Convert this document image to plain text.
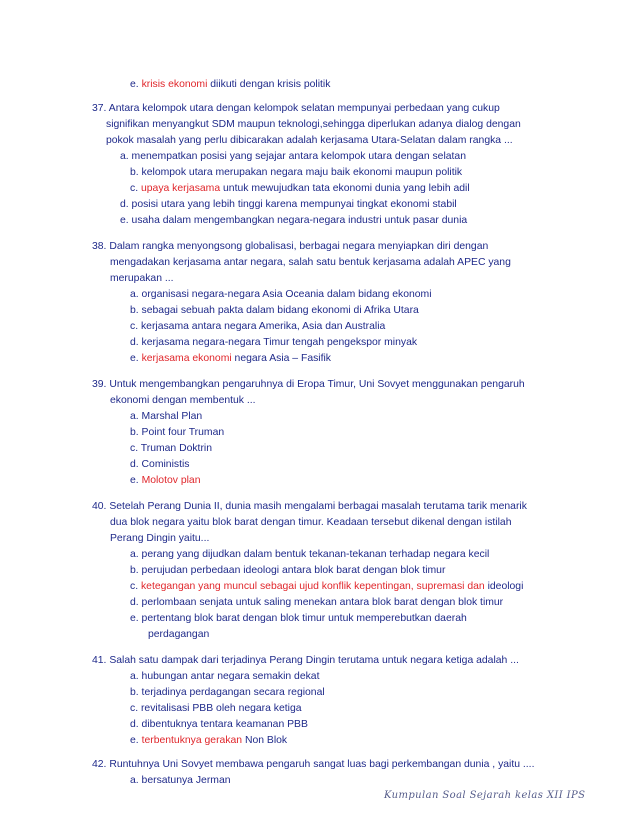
e. krisis ekonomi diikuti dengan krisis politik
37. Antara kelompok utara dengan kelompok selatan mempunyai perbedaan yang cukup
signifikan menyangkut SDM maupun teknologi,sehingga diperlukan adanya dialog dengan
pokok masalah yang perlu dibicarakan adalah kerjasama Utara-Selatan dalam rangka ...
a. menempatkan posisi yang sejajar antara kelompok utara dengan selatan
b. kelompok utara merupakan negara maju baik ekonomi maupun politik
c. upaya kerjasama untuk mewujudkan tata ekonomi dunia yang lebih adil
d. posisi utara yang lebih tinggi karena mempunyai tingkat ekonomi stabil
e. usaha dalam mengembangkan negara-negara industri untuk pasar dunia
38. Dalam rangka menyongsong globalisasi, berbagai negara menyiapkan diri dengan
mengadakan kerjasama antar negara, salah satu bentuk kerjasama adalah APEC yang
merupakan ...
a. organisasi negara-negara Asia Oceania dalam bidang ekonomi
b. sebagai sebuah pakta dalam bidang ekonomi di Afrika Utara
c. kerjasama antara negara Amerika, Asia dan Australia
d. kerjasama negara-negara Timur tengah pengekspor minyak
e. kerjasama ekonomi negara Asia – Fasifik
39. Untuk mengembangkan pengaruhnya di Eropa Timur, Uni Sovyet menggunakan pengaruh
ekonomi dengan membentuk ...
a. Marshal Plan
b. Point four Truman
c. Truman Doktrin
d. Coministis
e. Molotov plan
40. Setelah Perang Dunia II, dunia masih mengalami berbagai masalah terutama tarik menarik
dua blok negara yaitu blok barat dengan timur. Keadaan tersebut dikenal dengan istilah
Perang Dingin yaitu...
a. perang yang dijudkan dalam bentuk tekanan-tekanan terhadap negara kecil
b. perujudan perbedaan ideologi antara blok barat dengan blok timur
c. ketegangan yang muncul sebagai ujud konflik kepentingan, supremasi dan ideologi
d. perlombaan senjata untuk saling menekan antara blok barat dengan blok timur
e. pertentang blok barat dengan blok timur untuk memperebutkan daerah
perdagangan
41. Salah satu dampak dari terjadinya Perang Dingin terutama untuk negara ketiga adalah ...
a. hubungan antar negara semakin dekat
b. terjadinya perdagangan secara regional
c. revitalisasi PBB oleh negara ketiga
d. dibentuknya tentara keamanan PBB
e. terbentuknya gerakan Non Blok
42. Runtuhnya Uni Sovyet membawa pengaruh sangat luas bagi perkembangan dunia , yaitu ....
a. bersatunya Jerman
Kumpulan Soal Sejarah kelas XII IPS
